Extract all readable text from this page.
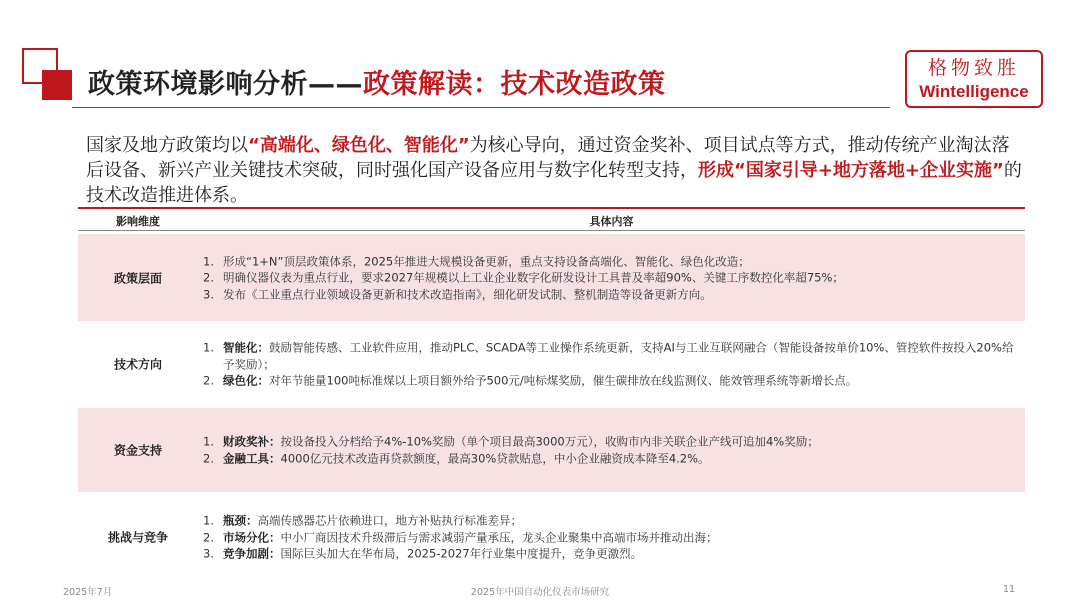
政策环境影响分析——政策解读：技术改造政策
格物致胜
Wintelligence
国家及地方政策均以“高端化、绿色化、智能化”为核心导向，通过资金奖补、项目试点等方式，推动传统产业淘汰落后设备、新兴产业关键技术突破，同时强化国产设备应用与数字化转型支持，形成“国家引导+地方落地+企业实施”的技术改造推进体系。
影响维度	具体内容
政策层面
1. 形成“1+N”顶层政策体系，2025年推进大规模设备更新，重点支持设备高端化、智能化、绿色化改造；
2. 明确仪器仪表为重点行业，要求2027年规模以上工业企业数字化研发设计工具普及率超90%、关键工序数控化率超75%；
3. 发布《工业重点行业领域设备更新和技术改造指南》，细化研发试制、整机制造等设备更新方向。
技术方向
1. 智能化：鼓励智能传感、工业软件应用，推动PLC、SCADA等工业操作系统更新，支持AI与工业互联网融合（智能设备按单价10%、管控软件按投入20%给予奖励）；
2. 绿色化：对年节能量100吨标准煤以上项目额外给予500元/吨标煤奖励，催生碳排放在线监测仪、能效管理系统等新增长点。
资金支持
1. 财政奖补：按设备投入分档给予4%-10%奖励（单个项目最高3000万元），收购市内非关联企业产线可追加4%奖励；
2. 金融工具：4000亿元技术改造再贷款额度，最高30%贷款贴息，中小企业融资成本降至4.2%。
挑战与竞争
1. 瓶颈：高端传感器芯片依赖进口，地方补贴执行标准差异；
2. 市场分化：中小厂商因技术升级滞后与需求减弱产量承压，龙头企业聚集中高端市场并推动出海；
3. 竞争加剧：国际巨头加大在华布局，2025-2027年行业集中度提升，竞争更激烈。
2025年7月	2025年中国自动化仪表市场研究	11
